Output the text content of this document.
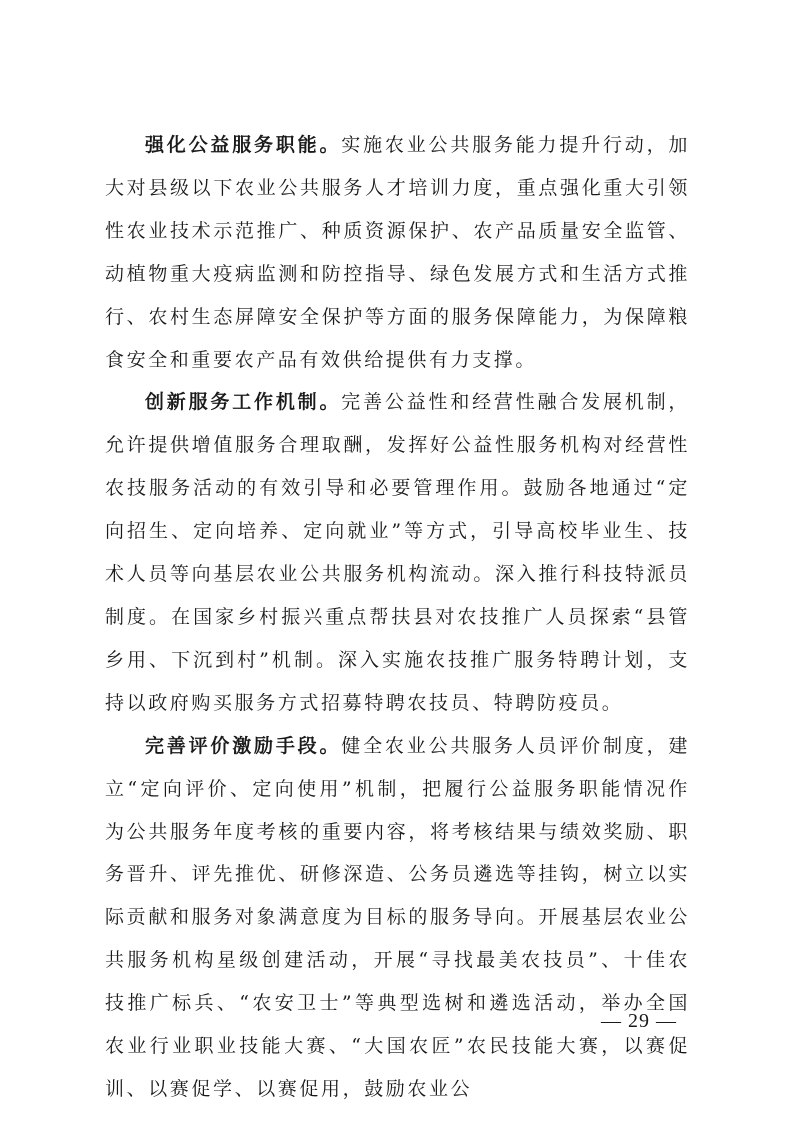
强化公益服务职能。实施农业公共服务能力提升行动，加大对县级以下农业公共服务人才培训力度，重点强化重大引领性农业技术示范推广、种质资源保护、农产品质量安全监管、动植物重大疫病监测和防控指导、绿色发展方式和生活方式推行、农村生态屏障安全保护等方面的服务保障能力，为保障粮食安全和重要农产品有效供给提供有力支撑。

创新服务工作机制。完善公益性和经营性融合发展机制，允许提供增值服务合理取酬，发挥好公益性服务机构对经营性农技服务活动的有效引导和必要管理作用。鼓励各地通过“定向招生、定向培养、定向就业”等方式，引导高校毕业生、技术人员等向基层农业公共服务机构流动。深入推行科技特派员制度。在国家乡村振兴重点帮扶县对农技推广人员探索“县管乡用、下沉到村”机制。深入实施农技推广服务特聘计划，支持以政府购买服务方式招募特聘农技员、特聘防疫员。

完善评价激励手段。健全农业公共服务人员评价制度，建立“定向评价、定向使用”机制，把履行公益服务职能情况作为公共服务年度考核的重要内容，将考核结果与绩效奖励、职务晋升、评先推优、研修深造、公务员遴选等挂钩，树立以实际贡献和服务对象满意度为目标的服务导向。开展基层农业公共服务机构星级创建活动，开展“寻找最美农技员”、十佳农技推广标兵、“农安卫士”等典型选树和遴选活动，举办全国农业行业职业技能大赛、“大国农匠”农民技能大赛，以赛促训、以赛促学、以赛促用，鼓励农业公

— 29 —
